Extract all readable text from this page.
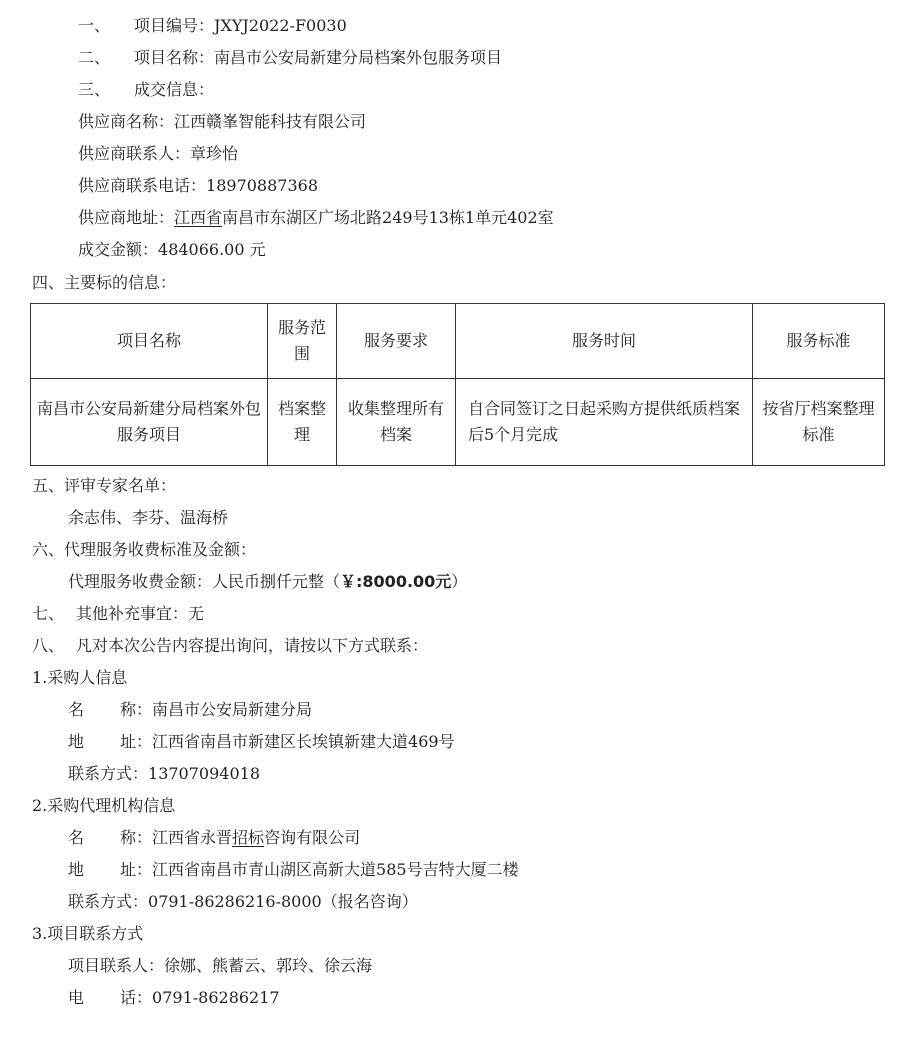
一、 项目编号：JXYJ2022-F0030
二、 项目名称：南昌市公安局新建分局档案外包服务项目
三、 成交信息：
供应商名称：江西赣峯智能科技有限公司
供应商联系人：章珍怡
供应商联系电话：18970887368
供应商地址：江西省南昌市东湖区广场北路249号13栋1单元402室
成交金额：484066.00 元
四、主要标的信息：
项目名称	服务范围	服务要求	服务时间	服务标准
南昌市公安局新建分局档案外包服务项目	档案整理	收集整理所有档案	自合同签订之日起采购方提供纸质档案后5个月完成	按省厅档案整理标准
五、评审专家名单：
余志伟、李芬、温海桥
六、代理服务收费标准及金额：
代理服务收费金额：人民币捌仟元整（￥:8000.00元）
七、 其他补充事宜：无
八、 凡对本次公告内容提出询问，请按以下方式联系：
1.采购人信息
名 称：南昌市公安局新建分局
地 址：江西省南昌市新建区长埃镇新建大道469号
联系方式：13707094018
2.采购代理机构信息
名 称：江西省永晋招标咨询有限公司
地 址：江西省南昌市青山湖区高新大道585号吉特大厦二楼
联系方式：0791-86286216-8000（报名咨询）
3.项目联系方式
项目联系人：徐娜、熊蓄云、郭玲、徐云海
电 话：0791-86286217
